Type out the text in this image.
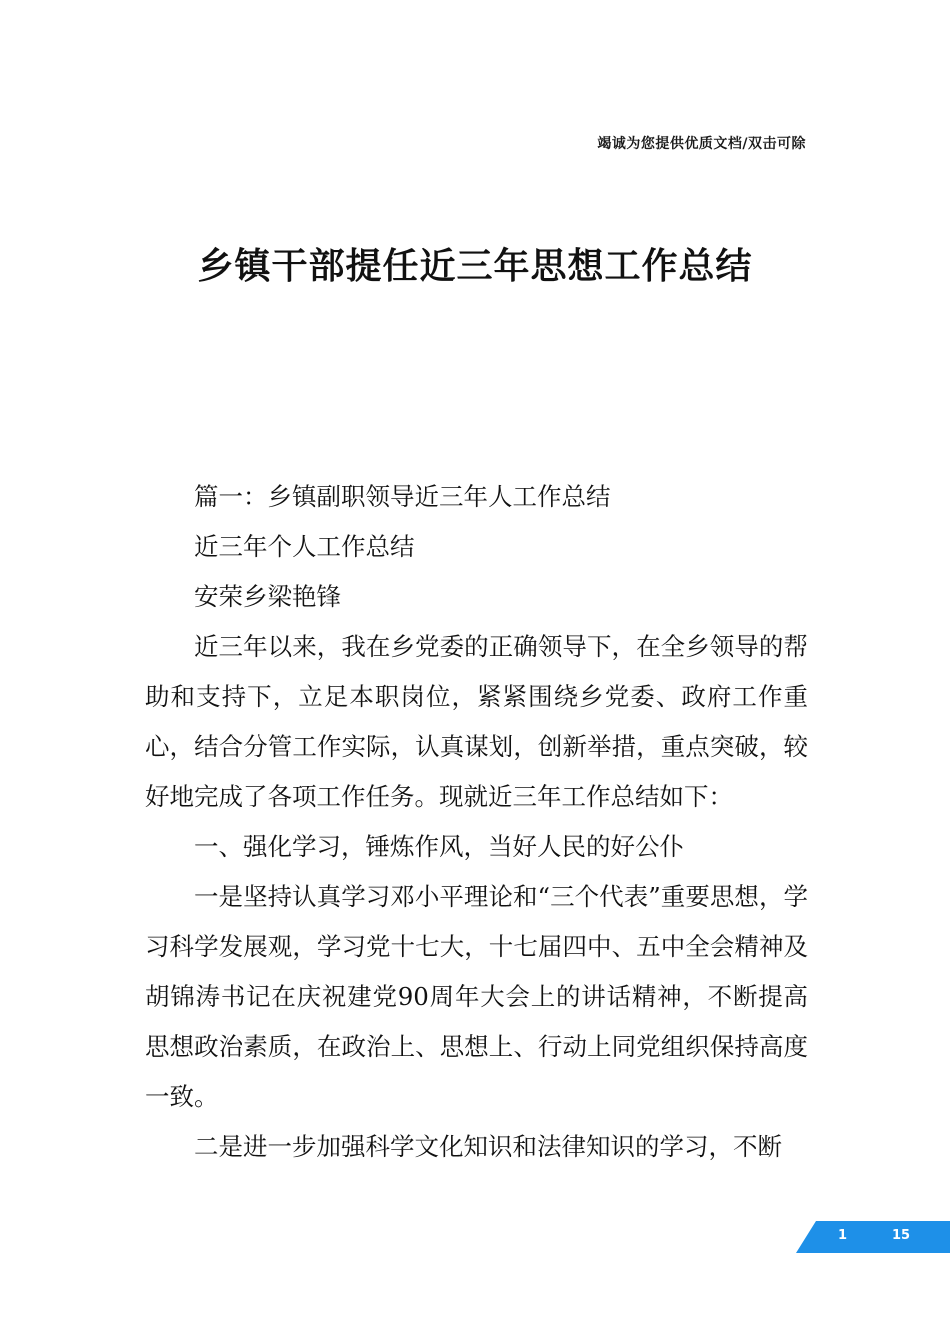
竭诚为您提供优质文档/双击可除
乡镇干部提任近三年思想工作总结

篇一：乡镇副职领导近三年人工作总结

近三年个人工作总结

安荣乡梁艳锋

近三年以来，我在乡党委的正确领导下，在全乡领导的帮助和支持下，立足本职岗位，紧紧围绕乡党委、政府工作重心，结合分管工作实际，认真谋划，创新举措，重点突破，较好地完成了各项工作任务。现就近三年工作总结如下：

一、强化学习，锤炼作风，当好人民的好公仆

一是坚持认真学习邓小平理论和“三个代表”重要思想，学习科学发展观，学习党十七大，十七届四中、五中全会精神及胡锦涛书记在庆祝建党90周年大会上的讲话精神，不断提高思想政治素质，在政治上、思想上、行动上同党组织保持高度一致。

二是进一步加强科学文化知识和法律知识的学习，不断

1	15
